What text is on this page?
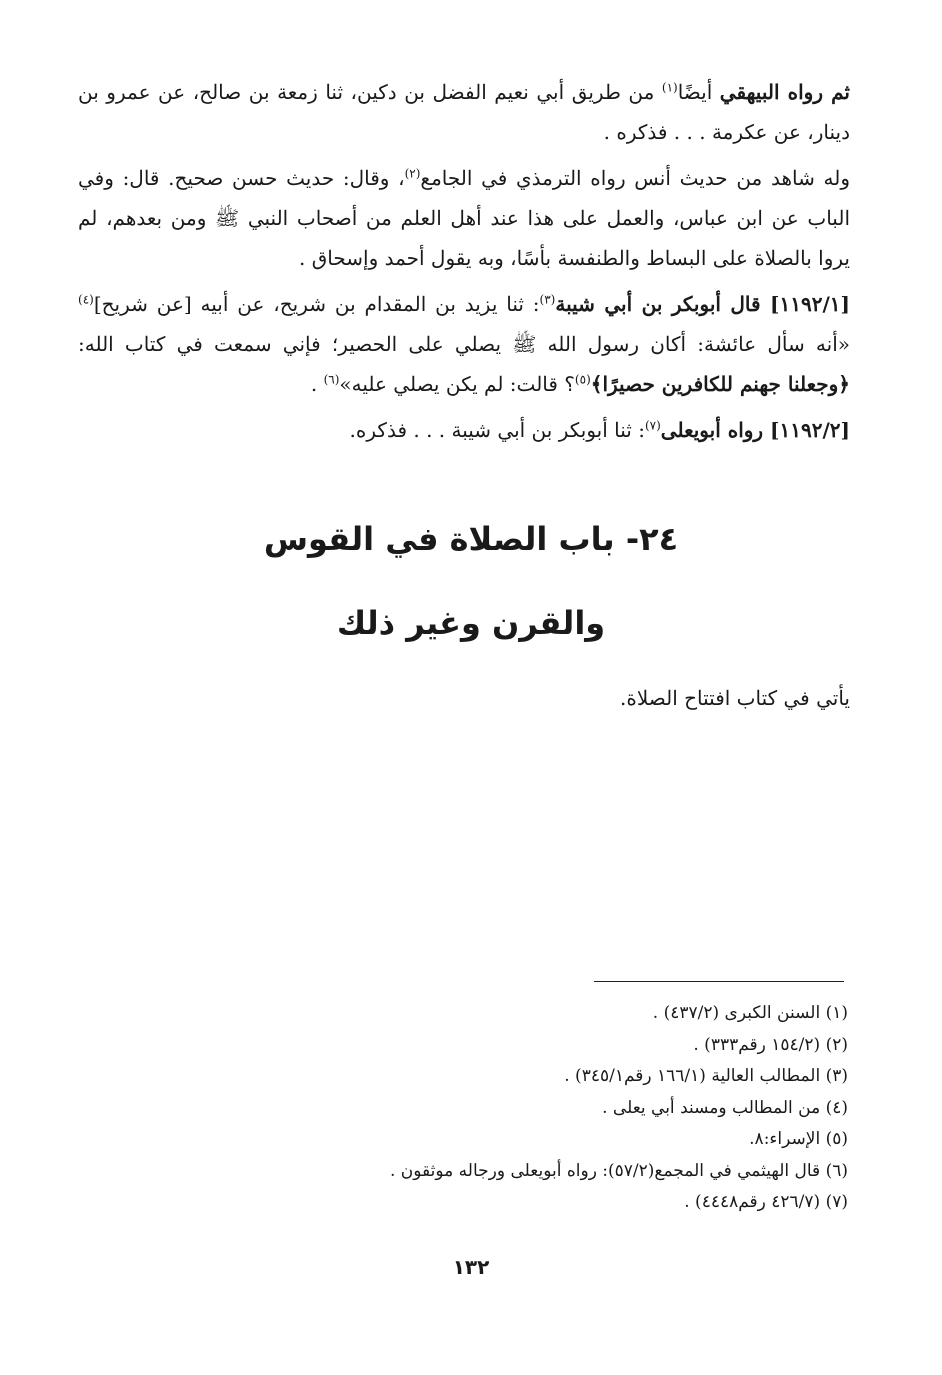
ثم رواه البيهقي أيضًا$^{(١)}$ من طريق أبي نعيم الفضل بن دكين، ثنا زمعة بن صالح، عن عمرو بن دينار، عن عكرمة . . . فذكره .

وله شاهد من حديث أنس رواه الترمذي في الجامع$^{(٢)}$، وقال: حديث حسن صحيح. قال: وفي الباب عن ابن عباس، والعمل على هذا عند أهل العلم من أصحاب النبي ﷺ ومن بعدهم، لم يروا بالصلاة على البساط والطنفسة بأسًا، وبه يقول أحمد وإسحاق .

[١١٩٢/١] قال أبوبكر بن أبي شيبة$^{(٣)}$: ثنا يزيد بن المقدام بن شريح، عن أبيه [عن شريح]$^{(٤)}$ «أنه سأل عائشة: أكان رسول الله ﷺ يصلي على الحصير؛ فإني سمعت في كتاب الله: ﴿وجعلنا جهنم للكافرين حصيرًا﴾$^{(٥)}$؟ قالت: لم يكن يصلي عليه»$^{(٦)}$ .

[١١٩٢/٢] رواه أبويعلى$^{(٧)}$: ثنا أبوبكر بن أبي شيبة . . . فذكره.

٢٤- باب الصلاة في القوس
والقرن وغير ذلك
يأتي في كتاب افتتاح الصلاة.
(١) السنن الكبرى (٤٣٧/٢) .
(٢) (١٥٤/٢ رقم٣٣٣) .
(٣) المطالب العالية (١٦٦/١ رقم٣٤٥/١) .
(٤) من المطالب ومسند أبي يعلى .
(٥) الإسراء:٨.
(٦) قال الهيثمي في المجمع(٥٧/٢): رواه أبويعلى ورجاله موثقون .
(٧) (٤٢٦/٧ رقم٤٤٤٨) .
١٣٢
